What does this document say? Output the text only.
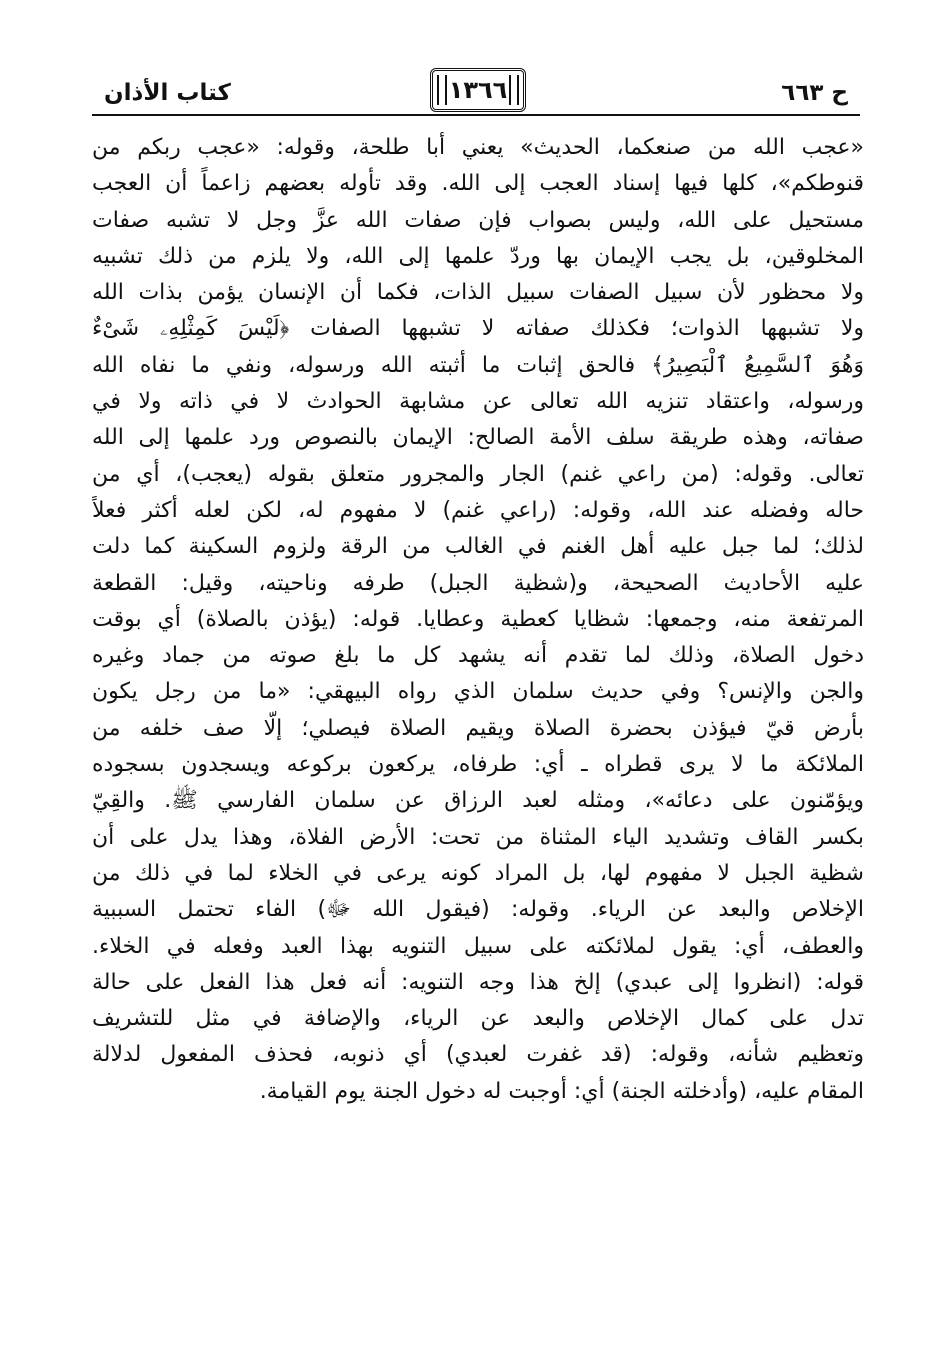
كتاب الأذان	١٣٦٦	ح ٦٦٣
«عجب الله من صنعكما، الحديث» يعني أبا طلحة، وقوله: «عجب ربكم من
قنوطكم»، كلها فيها إسناد العجب إلى الله. وقد تأوله بعضهم زاعماً أن العجب
مستحيل على الله، وليس بصواب فإن صفات الله عزَّ وجل لا تشبه صفات
المخلوقين، بل يجب الإيمان بها وردّ علمها إلى الله، ولا يلزم من ذلك تشبيه
ولا محظور لأن سبيل الصفات سبيل الذات، فكما أن الإنسان يؤمن بذات الله
ولا تشبهها الذوات؛ فكذلك صفاته لا تشبهها الصفات ﴿لَيْسَ كَمِثْلِهِۦ شَىْءٌ
وَهُوَ ٱلسَّمِيعُ ٱلْبَصِيرُ﴾ فالحق إثبات ما أثبته الله ورسوله، ونفي ما نفاه الله
ورسوله، واعتقاد تنزيه الله تعالى عن مشابهة الحوادث لا في ذاته ولا في
صفاته، وهذه طريقة سلف الأمة الصالح: الإيمان بالنصوص ورد علمها إلى الله
تعالى. وقوله: (من راعي غنم) الجار والمجرور متعلق بقوله (يعجب)، أي من
حاله وفضله عند الله، وقوله: (راعي غنم) لا مفهوم له، لكن لعله أكثر فعلاً
لذلك؛ لما جبل عليه أهل الغنم في الغالب من الرقة ولزوم السكينة كما دلت
عليه الأحاديث الصحيحة، و(شظية الجبل) طرفه وناحيته، وقيل: القطعة
المرتفعة منه، وجمعها: شظايا كعطية وعطايا. قوله: (يؤذن بالصلاة) أي بوقت
دخول الصلاة، وذلك لما تقدم أنه يشهد كل ما بلغ صوته من جماد وغيره
والجن والإنس؟ وفي حديث سلمان الذي رواه البيهقي: «ما من رجل يكون
بأرض قيّ فيؤذن بحضرة الصلاة ويقيم الصلاة فيصلي؛ إلّا صف خلفه من
الملائكة ما لا يرى قطراه ـ أي: طرفاه، يركعون بركوعه ويسجدون بسجوده
ويؤمّنون على دعائه»، ومثله لعبد الرزاق عن سلمان الفارسي ﷺ. والقِيّ
بكسر القاف وتشديد الياء المثناة من تحت: الأرض الفلاة، وهذا يدل على أن
شظية الجبل لا مفهوم لها، بل المراد كونه يرعى في الخلاء لما في ذلك من
الإخلاص والبعد عن الرياء. وقوله: (فيقول الله ﷻ) الفاء تحتمل السببية
والعطف، أي: يقول لملائكته على سبيل التنويه بهذا العبد وفعله في الخلاء.
قوله: (انظروا إلى عبدي) إلخ هذا وجه التنويه: أنه فعل هذا الفعل على حالة
تدل على كمال الإخلاص والبعد عن الرياء، والإضافة في مثل للتشريف
وتعظيم شأنه، وقوله: (قد غفرت لعبدي) أي ذنوبه، فحذف المفعول لدلالة
المقام عليه، (وأدخلته الجنة) أي: أوجبت له دخول الجنة يوم القيامة.
